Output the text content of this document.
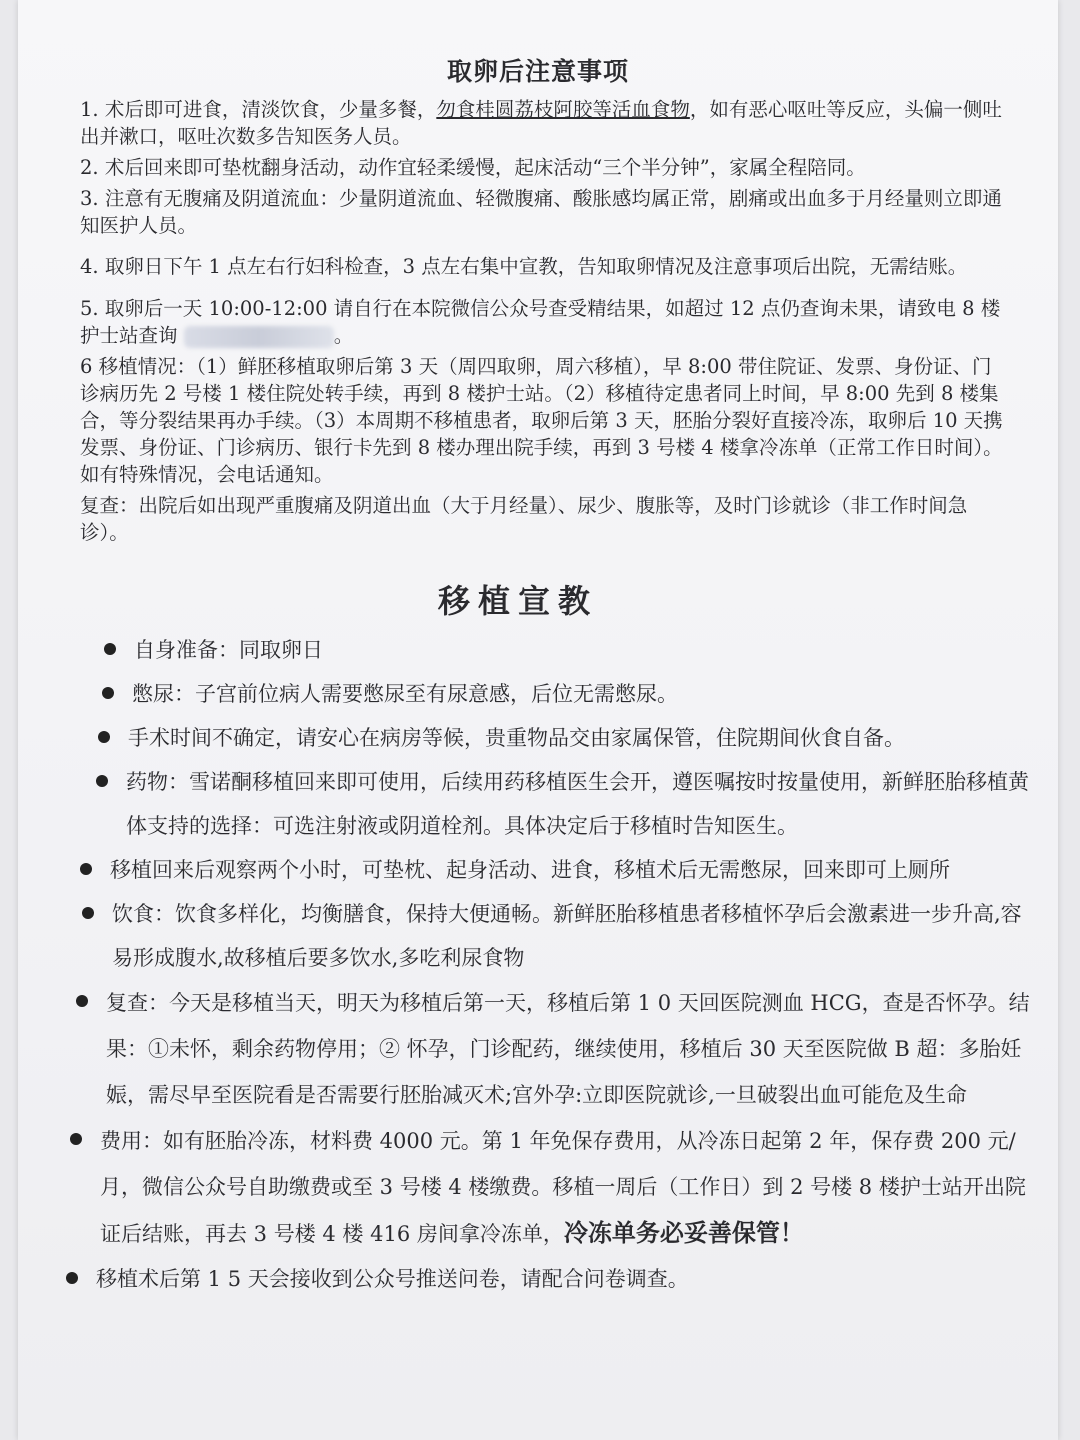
取卵后注意事项

1. 术后即可进食，清淡饮食，少量多餐，勿食桂圆荔枝阿胶等活血食物，如有恶心呕吐等反应，头偏一侧吐出并漱口，呕吐次数多告知医务人员。

2. 术后回来即可垫枕翻身活动，动作宜轻柔缓慢，起床活动“三个半分钟”，家属全程陪同。

3. 注意有无腹痛及阴道流血：少量阴道流血、轻微腹痛、酸胀感均属正常，剧痛或出血多于月经量则立即通知医护人员。

4. 取卵日下午 1 点左右行妇科检查，3 点左右集中宣教，告知取卵情况及注意事项后出院，无需结账。

5. 取卵后一天 10:00-12:00 请自行在本院微信公众号查受精结果，如超过 12 点仍查询未果，请致电 8 楼护士站查询	。

6 移植情况：（1）鲜胚移植取卵后第 3 天（周四取卵，周六移植），早 8:00 带住院证、发票、身份证、门诊病历先 2 号楼 1 楼住院处转手续，再到 8 楼护士站。（2）移植待定患者同上时间，早 8:00 先到 8 楼集合，等分裂结果再办手续。（3）本周期不移植患者，取卵后第 3 天，胚胎分裂好直接冷冻，取卵后 10 天携发票、身份证、门诊病历、银行卡先到 8 楼办理出院手续，再到 3 号楼 4 楼拿冷冻单（正常工作日时间）。如有特殊情况，会电话通知。

复查：出院后如出现严重腹痛及阴道出血（大于月经量）、尿少、腹胀等，及时门诊就诊（非工作时间急诊）。

移植宣教

自身准备：同取卵日

憋尿：子宫前位病人需要憋尿至有尿意感，后位无需憋尿。

手术时间不确定，请安心在病房等候，贵重物品交由家属保管，住院期间伙食自备。

药物：雪诺酮移植回来即可使用，后续用药移植医生会开，遵医嘱按时按量使用，新鲜胚胎移植黄体支持的选择：可选注射液或阴道栓剂。具体决定后于移植时告知医生。

移植回来后观察两个小时，可垫枕、起身活动、进食，移植术后无需憋尿，回来即可上厕所

饮食：饮食多样化，均衡膳食，保持大便通畅。新鲜胚胎移植患者移植怀孕后会激素进一步升高,容易形成腹水,故移植后要多饮水,多吃利尿食物

复查：今天是移植当天，明天为移植后第一天，移植后第 1 0 天回医院测血 HCG，查是否怀孕。结果：①未怀，剩余药物停用；② 怀孕，门诊配药，继续使用，移植后 30 天至医院做 B 超：多胎妊娠，需尽早至医院看是否需要行胚胎减灭术;宫外孕:立即医院就诊,一旦破裂出血可能危及生命

费用：如有胚胎冷冻，材料费 4000 元。第 1 年免保存费用，从冷冻日起第 2 年，保存费 200 元/月，微信公众号自助缴费或至 3 号楼 4 楼缴费。移植一周后（工作日）到 2 号楼 8 楼护士站开出院证后结账，再去 3 号楼 4 楼 416 房间拿冷冻单，冷冻单务必妥善保管！

移植术后第 1 5 天会接收到公众号推送问卷，请配合问卷调查。
